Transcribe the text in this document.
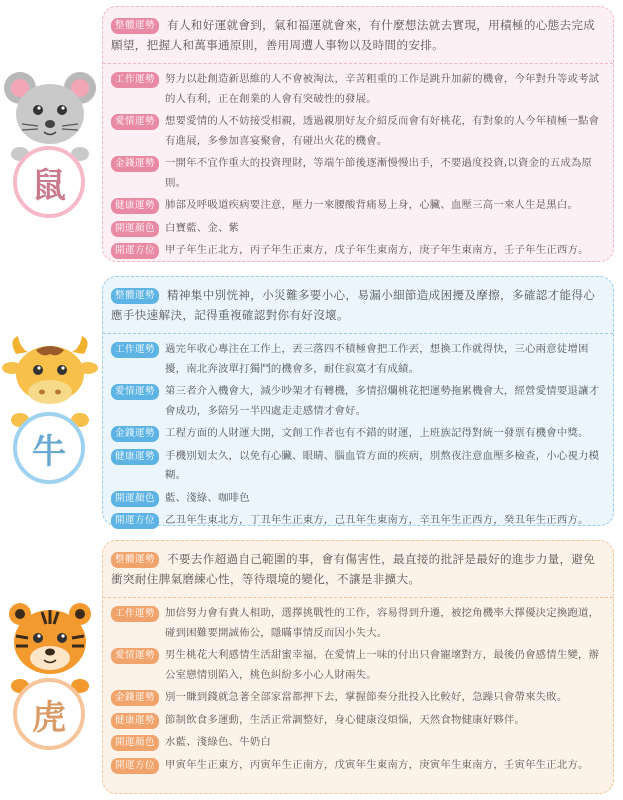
鼠
整體運勢 有人和好運就會到，氣和福運就會來，有什麼想法就去實現，用積極的心態去完成願望，把握人和萬事通原則，善用周遭人事物以及時間的安排。
工作運勢 努力以赴創造新思維的人不會被淘汰，辛苦粗重的工作是跳升加薪的機會，今年對升等或考試的人有利，正在創業的人會有突破性的發展。
愛情運勢 想要愛情的人不妨接受相親，透過親朋好友介紹反而會有好桃花，有對象的人今年積極一點會有進展，多參加喜宴聚會，有碰出火花的機會。
金錢運勢 一開年不宜作重大的投資理財，等端午節後逐漸慢慢出手，不要過度投資,以資金的五成為原則。
健康運勢 肺部及呼吸道疾病要注意，壓力一來腰酸背痛易上身，心臟、血壓三高一來人生是黑白。
開運顏色 白寶藍、金、紫
開運方位 甲子年生正北方，丙子年生正東方，戊子年生東南方，庚子年生東南方，壬子年生正西方。
牛
整體運勢 精神集中別恍神，小災難多要小心，易漏小細節造成困擾及摩擦，多確認才能得心應手快速解決，記得重複確認對你有好沒壞。
工作運勢 過完年收心專注在工作上，丟三落四不積極會把工作丟，想換工作就得快，三心兩意徒增困擾，南北奔波單打獨鬥的機會多，耐住寂寞才有成績。
愛情運勢 第三者介入機會大，減少吵架才有轉機，多情招爛桃花把運勢拖累機會大，經營愛情要退讓才會成功，多陪另一半四處走走感情才會好。
金錢運勢 工程方面的人財運大開，文創工作者也有不錯的財運，上班族記得對統一發票有機會中獎。
健康運勢 手機別划太久，以免有心臟、眼睛、腦血管方面的疾病，別熬夜注意血壓多檢查，小心視力模糊。
開運顏色 藍、淺綠、咖啡色
開運方位 乙丑年生東北方，丁丑年生正東方，己丑年生東南方，辛丑年生正西方，癸丑年生正西方。
虎
整體運勢 不要去作超過自己範圍的事，會有傷害性，最直接的批評是最好的進步力量，避免衝突耐住脾氣磨練心性，等待環境的變化，不讓是非擴大。
工作運勢 加倍努力會有貴人相助，選擇挑戰性的工作，容易得到升遷，被挖角機率大擇優決定換跑道，碰到困難要開誠佈公，隱瞞事情反而因小失大。
愛情運勢 男生桃花大利感情生活甜蜜幸福，在愛情上一味的付出只會寵壞對方，最後仍會感情生變，辦公室戀情別陷入，桃色糾紛多小心人財兩失。
金錢運勢 別一賺到錢就急著全部家當都押下去，掌握節奏分批投入比較好，急躁只會帶來失敗。
健康運勢 節制飲食多運動，生活正常調整好，身心健康沒煩惱，天然食物健康好夥伴。
開運顏色 水藍、淺綠色、牛奶白
開運方位 甲寅年生正東方，丙寅年生正南方，戊寅年生東南方，庚寅年生東南方，壬寅年生正北方。
